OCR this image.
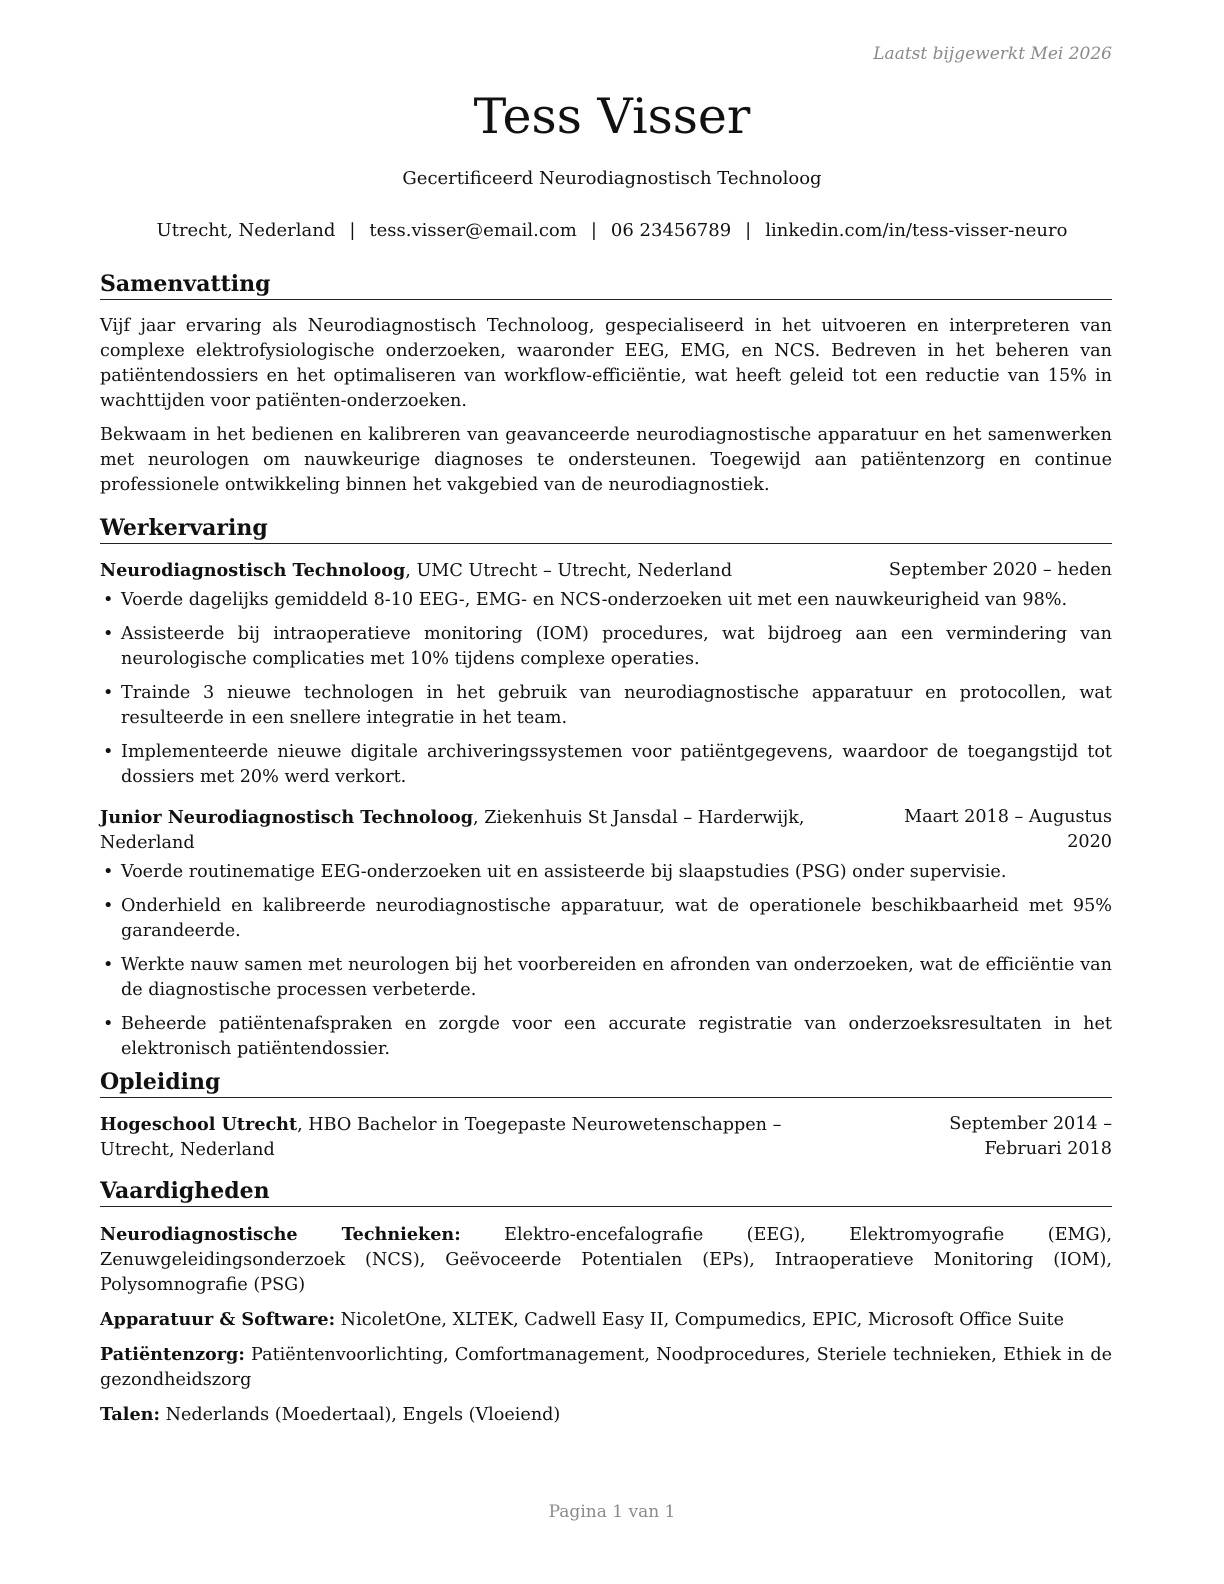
Laatst bijgewerkt Mei 2026
Tess Visser
Gecertificeerd Neurodiagnostisch Technoloog
Utrecht, Nederland | tess.visser@email.com | 06 23456789 | linkedin.com/in/tess-visser-neuro
Samenvatting

Vijf jaar ervaring als Neurodiagnostisch Technoloog, gespecialiseerd in het uitvoeren en interpreteren van complexe elektrofysiologische onderzoeken, waaronder EEG, EMG, en NCS. Bedreven in het beheren van patiëntendossiers en het optimaliseren van workflow-efficiëntie, wat heeft geleid tot een reductie van 15% in wachttijden voor patiënten-onderzoeken.

Bekwaam in het bedienen en kalibreren van geavanceerde neurodiagnostische apparatuur en het samenwerken met neurologen om nauwkeurige diagnoses te ondersteunen. Toegewijd aan patiëntenzorg en continue professionele ontwikkeling binnen het vakgebied van de neurodiagnostiek.

Werkervaring
Neurodiagnostisch Technoloog, UMC Utrecht – Utrecht, Nederland	September 2020 – heden
• Voerde dagelijks gemiddeld 8-10 EEG-, EMG- en NCS-onderzoeken uit met een nauwkeurigheid van 98%.
• Assisteerde bij intraoperatieve monitoring (IOM) procedures, wat bijdroeg aan een vermindering van neurologische complicaties met 10% tijdens complexe operaties.
• Trainde 3 nieuwe technologen in het gebruik van neurodiagnostische apparatuur en protocollen, wat resulteerde in een snellere integratie in het team.
• Implementeerde nieuwe digitale archiveringssystemen voor patiëntgegevens, waardoor de toegangstijd tot dossiers met 20% werd verkort.
Junior Neurodiagnostisch Technoloog, Ziekenhuis St Jansdal – Harderwijk, Nederland
Maart 2018 – Augustus 2020
• Voerde routinematige EEG-onderzoeken uit en assisteerde bij slaapstudies (PSG) onder supervisie.
• Onderhield en kalibreerde neurodiagnostische apparatuur, wat de operationele beschikbaarheid met 95% garandeerde.
• Werkte nauw samen met neurologen bij het voorbereiden en afronden van onderzoeken, wat de efficiëntie van de diagnostische processen verbeterde.
• Beheerde patiëntenafspraken en zorgde voor een accurate registratie van onderzoeksresultaten in het elektronisch patiëntendossier.
Opleiding
Hogeschool Utrecht, HBO Bachelor in Toegepaste Neurowetenschappen – Utrecht, Nederland
September 2014 – Februari 2018
Vaardigheden

Neurodiagnostische Technieken: Elektro-encefalografie (EEG), Elektromyografie (EMG), Zenuwgeleidingsonderzoek (NCS), Geëvoceerde Potentialen (EPs), Intraoperatieve Monitoring (IOM), Polysomnografie (PSG)

Apparatuur & Software: NicoletOne, XLTEK, Cadwell Easy II, Compumedics, EPIC, Microsoft Office Suite

Patiëntenzorg: Patiëntenvoorlichting, Comfortmanagement, Noodprocedures, Steriele technieken, Ethiek in de gezondheidszorg

Talen: Nederlands (Moedertaal), Engels (Vloeiend)

Pagina 1 van 1
